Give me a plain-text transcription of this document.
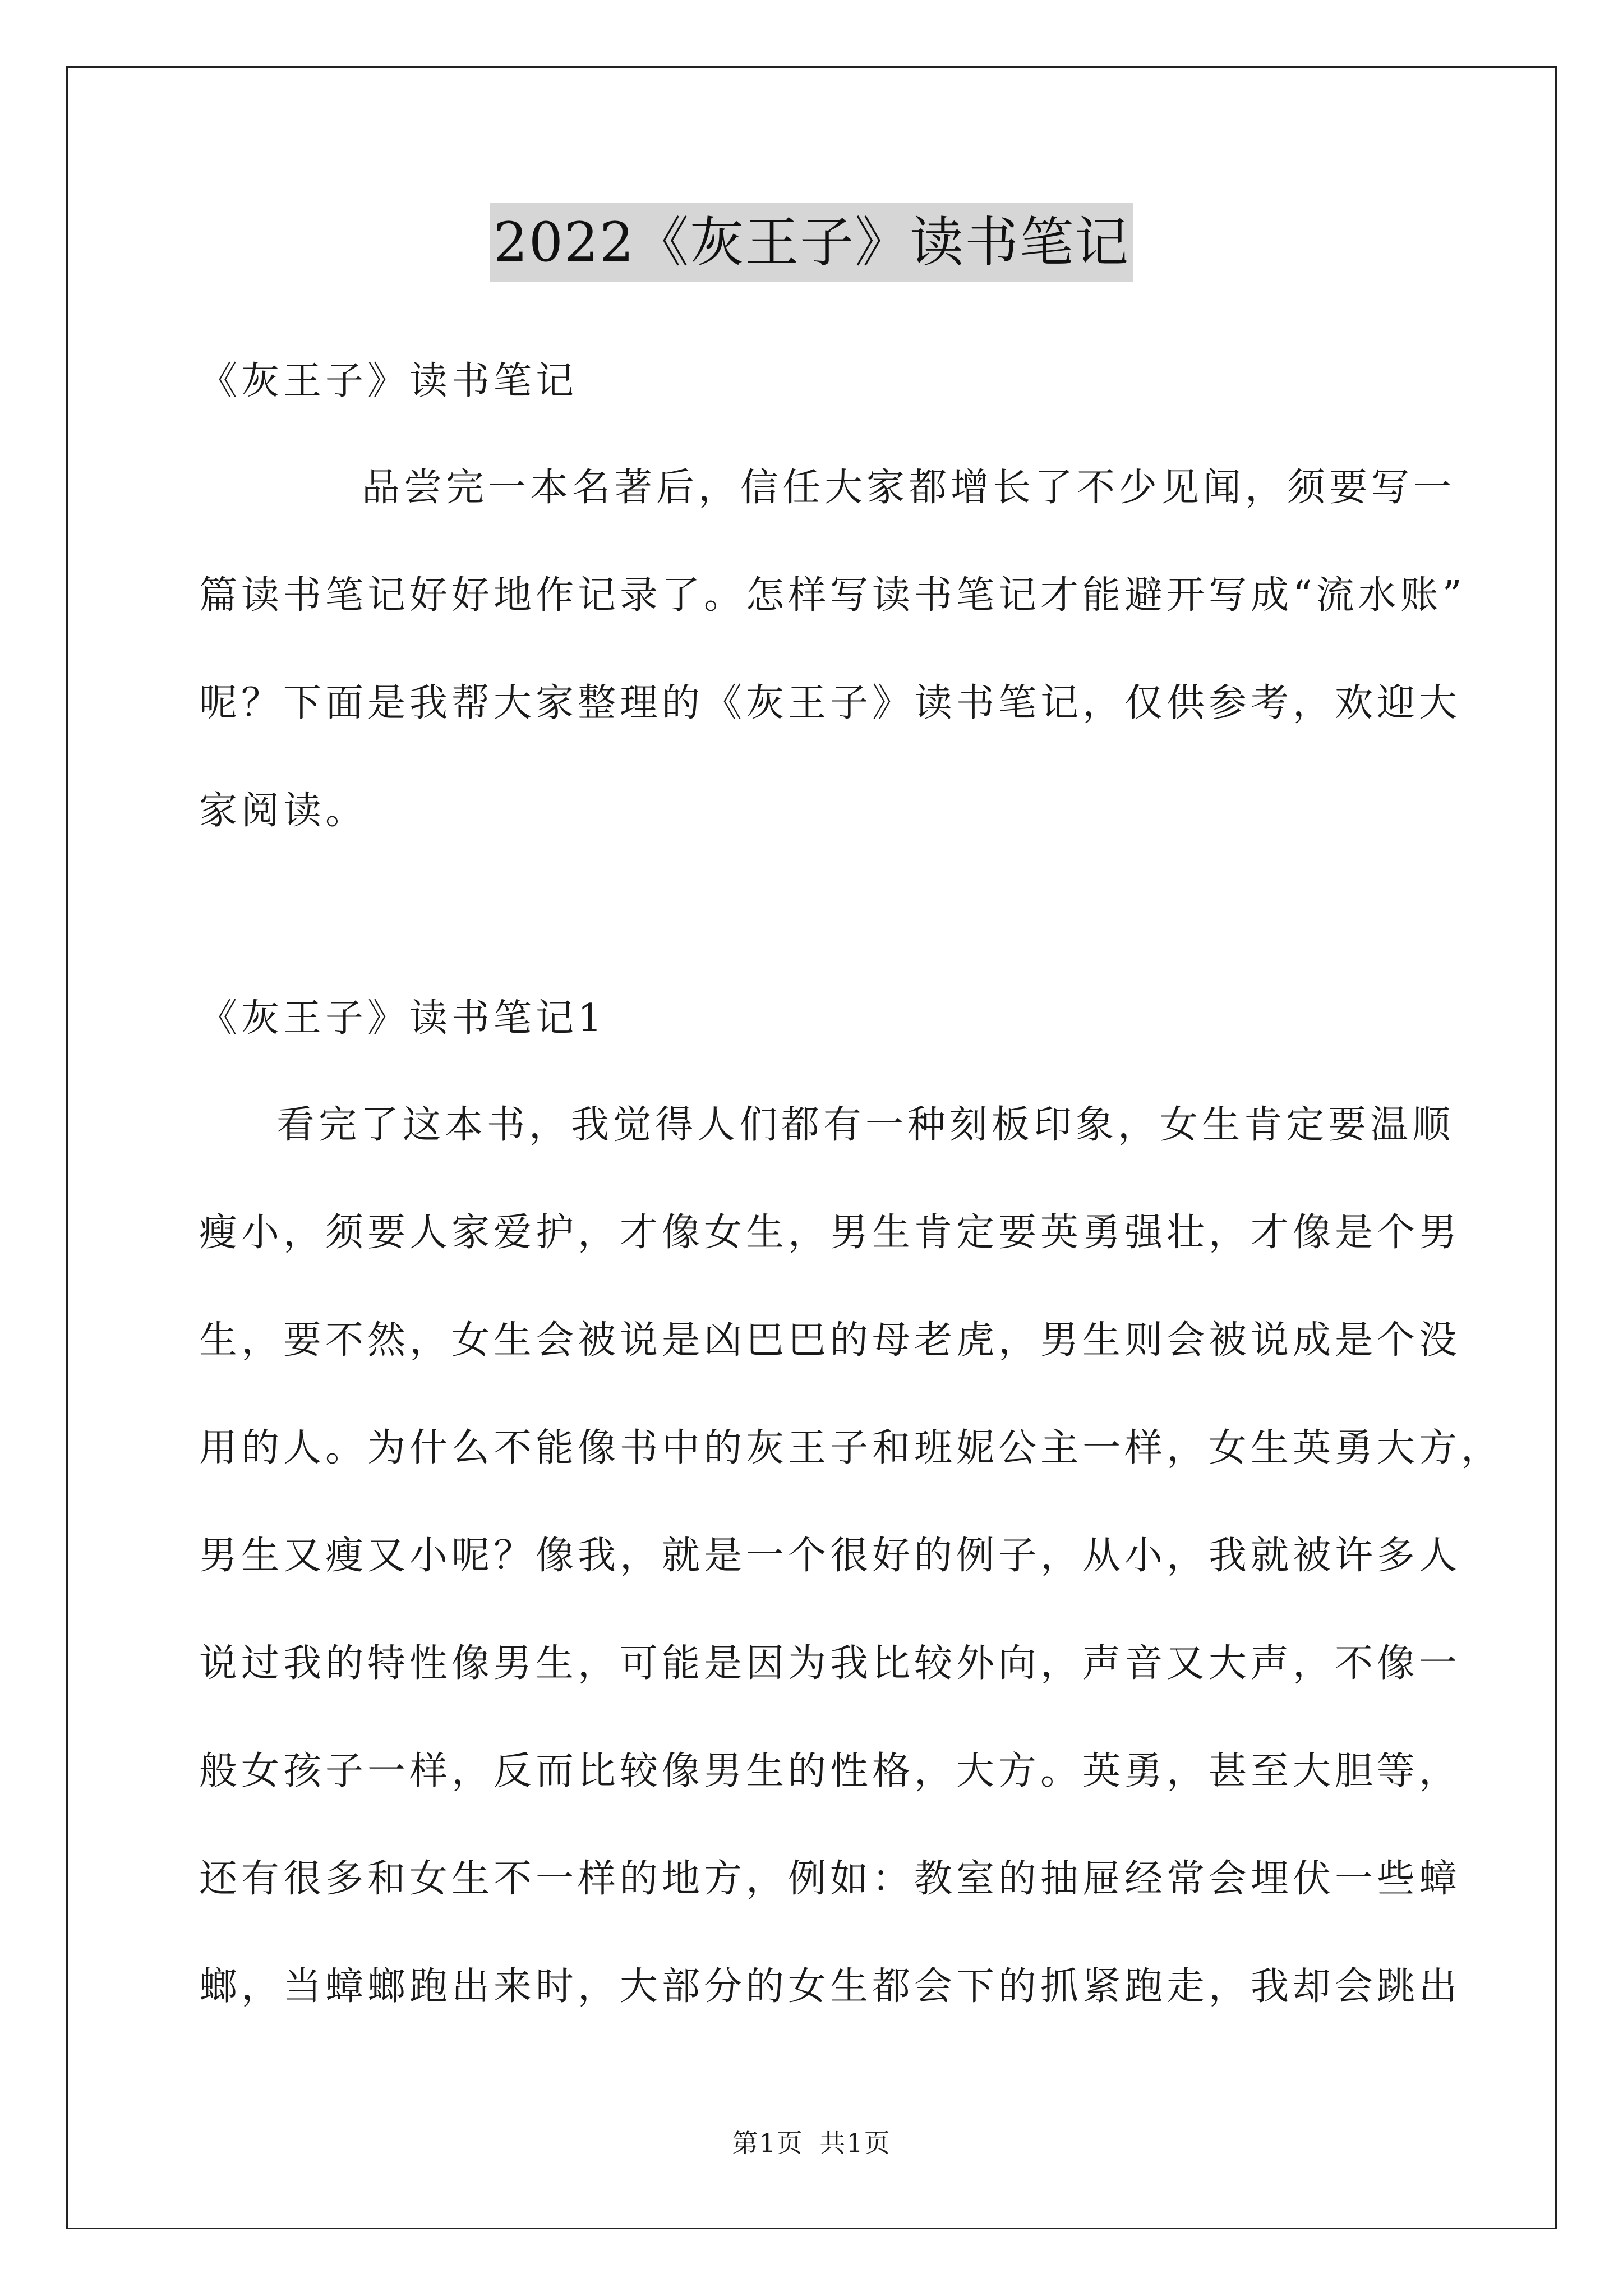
2022《灰王子》读书笔记
《灰王子》读书笔记
品尝完一本名著后，信任大家都增长了不少见闻，须要写一
篇读书笔记好好地作记录了。怎样写读书笔记才能避开写成“流水账”
呢？下面是我帮大家整理的《灰王子》读书笔记，仅供参考，欢迎大
家阅读。
《灰王子》读书笔记1
看完了这本书，我觉得人们都有一种刻板印象，女生肯定要温顺
瘦小，须要人家爱护，才像女生，男生肯定要英勇强壮，才像是个男
生，要不然，女生会被说是凶巴巴的母老虎，男生则会被说成是个没
用的人。为什么不能像书中的灰王子和班妮公主一样，女生英勇大方，
男生又瘦又小呢？像我，就是一个很好的例子，从小，我就被许多人
说过我的特性像男生，可能是因为我比较外向，声音又大声，不像一
般女孩子一样，反而比较像男生的性格，大方。英勇，甚至大胆等，
还有很多和女生不一样的地方，例如：教室的抽屉经常会埋伏一些蟑
螂，当蟑螂跑出来时，大部分的女生都会下的抓紧跑走，我却会跳出
第1页 共1页
